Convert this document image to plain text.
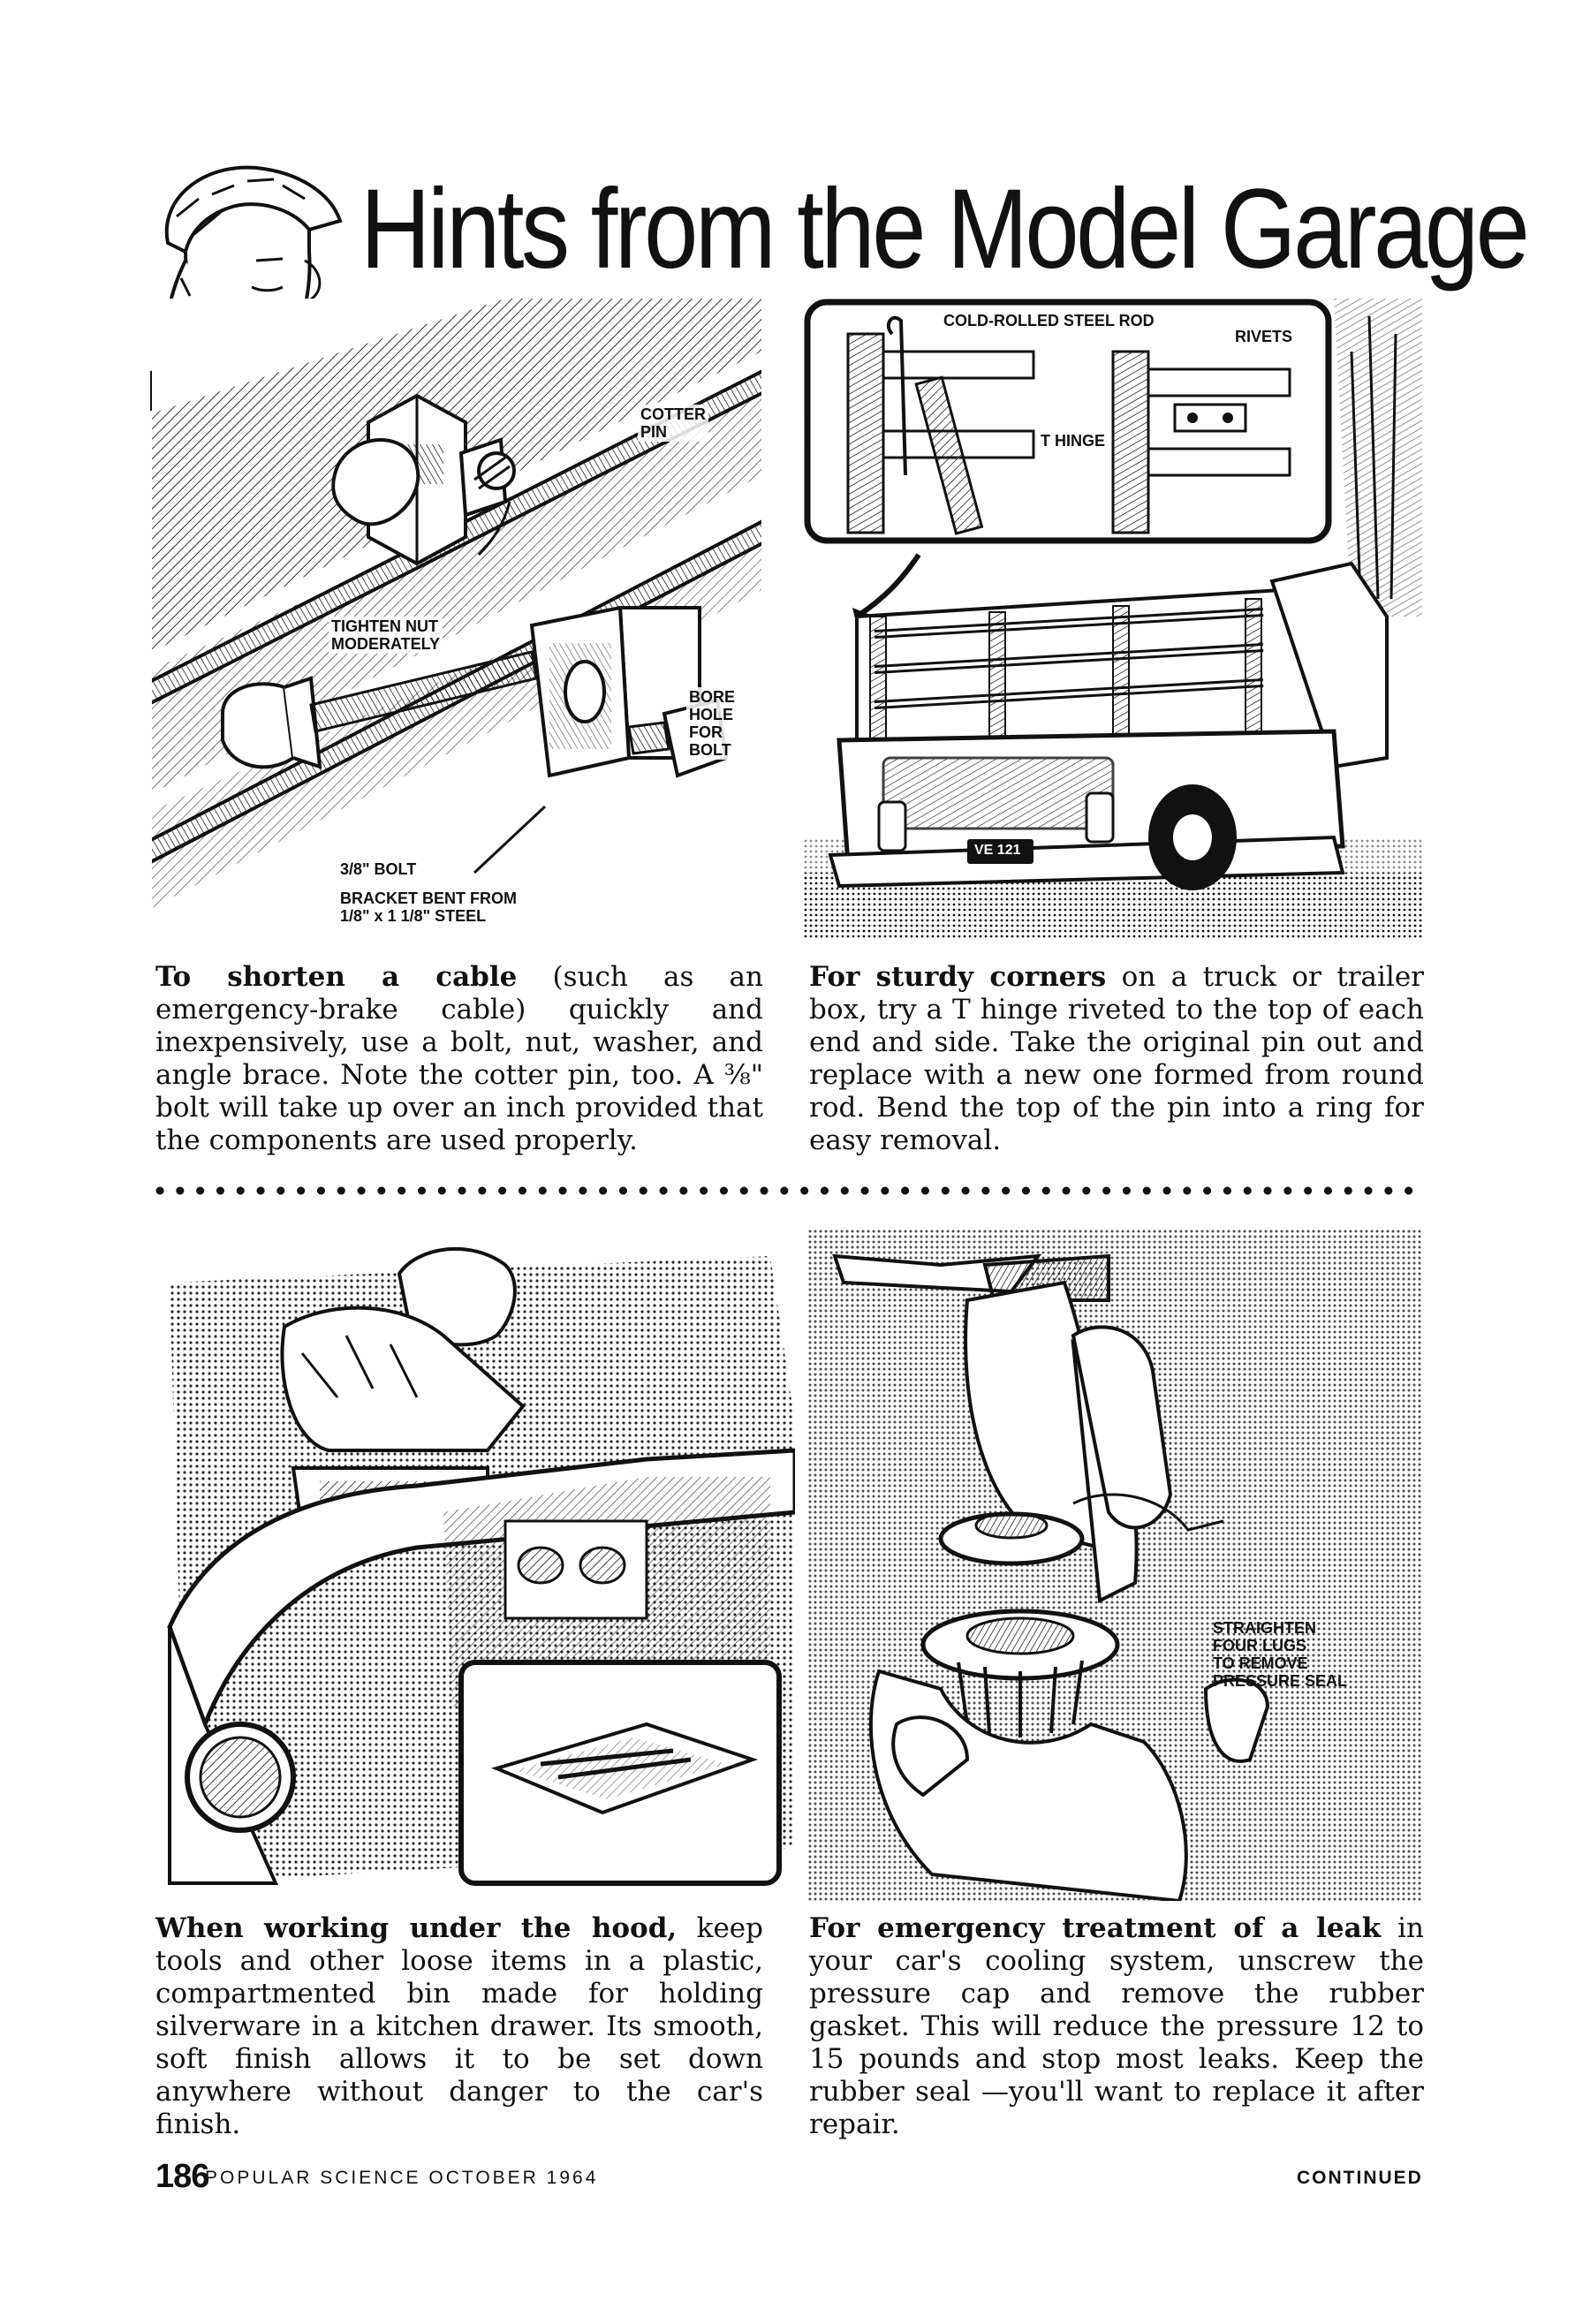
Hints from the Model Garage
COTTER
PIN
TIGHTEN NUT
MODERATELY
BORE
HOLE
FOR
BOLT
3/8" BOLT
BRACKET BENT FROM
1/8" x 1 1/8" STEEL
COLD-ROLLED STEEL ROD
RIVETS
T HINGE
VE 121
To shorten a cable (such as an emergency-brake cable) quickly and inexpensively, use a bolt, nut, washer, and angle brace. Note the cotter pin, too. A ⅜" bolt will take up over an inch provided that the components are used properly.
For sturdy corners on a truck or trailer box, try a T hinge riveted to the top of each end and side. Take the original pin out and replace with a new one formed from round rod. Bend the top of the pin into a ring for easy removal.
STRAIGHTEN
FOUR LUGS
TO REMOVE
PRESSURE SEAL
When working under the hood, keep tools and other loose items in a plastic, compartmented bin made for holding silverware in a kitchen drawer. Its smooth, soft finish allows it to be set down anywhere without danger to the car's finish.
For emergency treatment of a leak in your car's cooling system, unscrew the pressure cap and remove the rubber gasket. This will reduce the pressure 12 to 15 pounds and stop most leaks. Keep the rubber seal —you'll want to replace it after repair.
186
POPULAR SCIENCE OCTOBER 1964	CONTINUED
